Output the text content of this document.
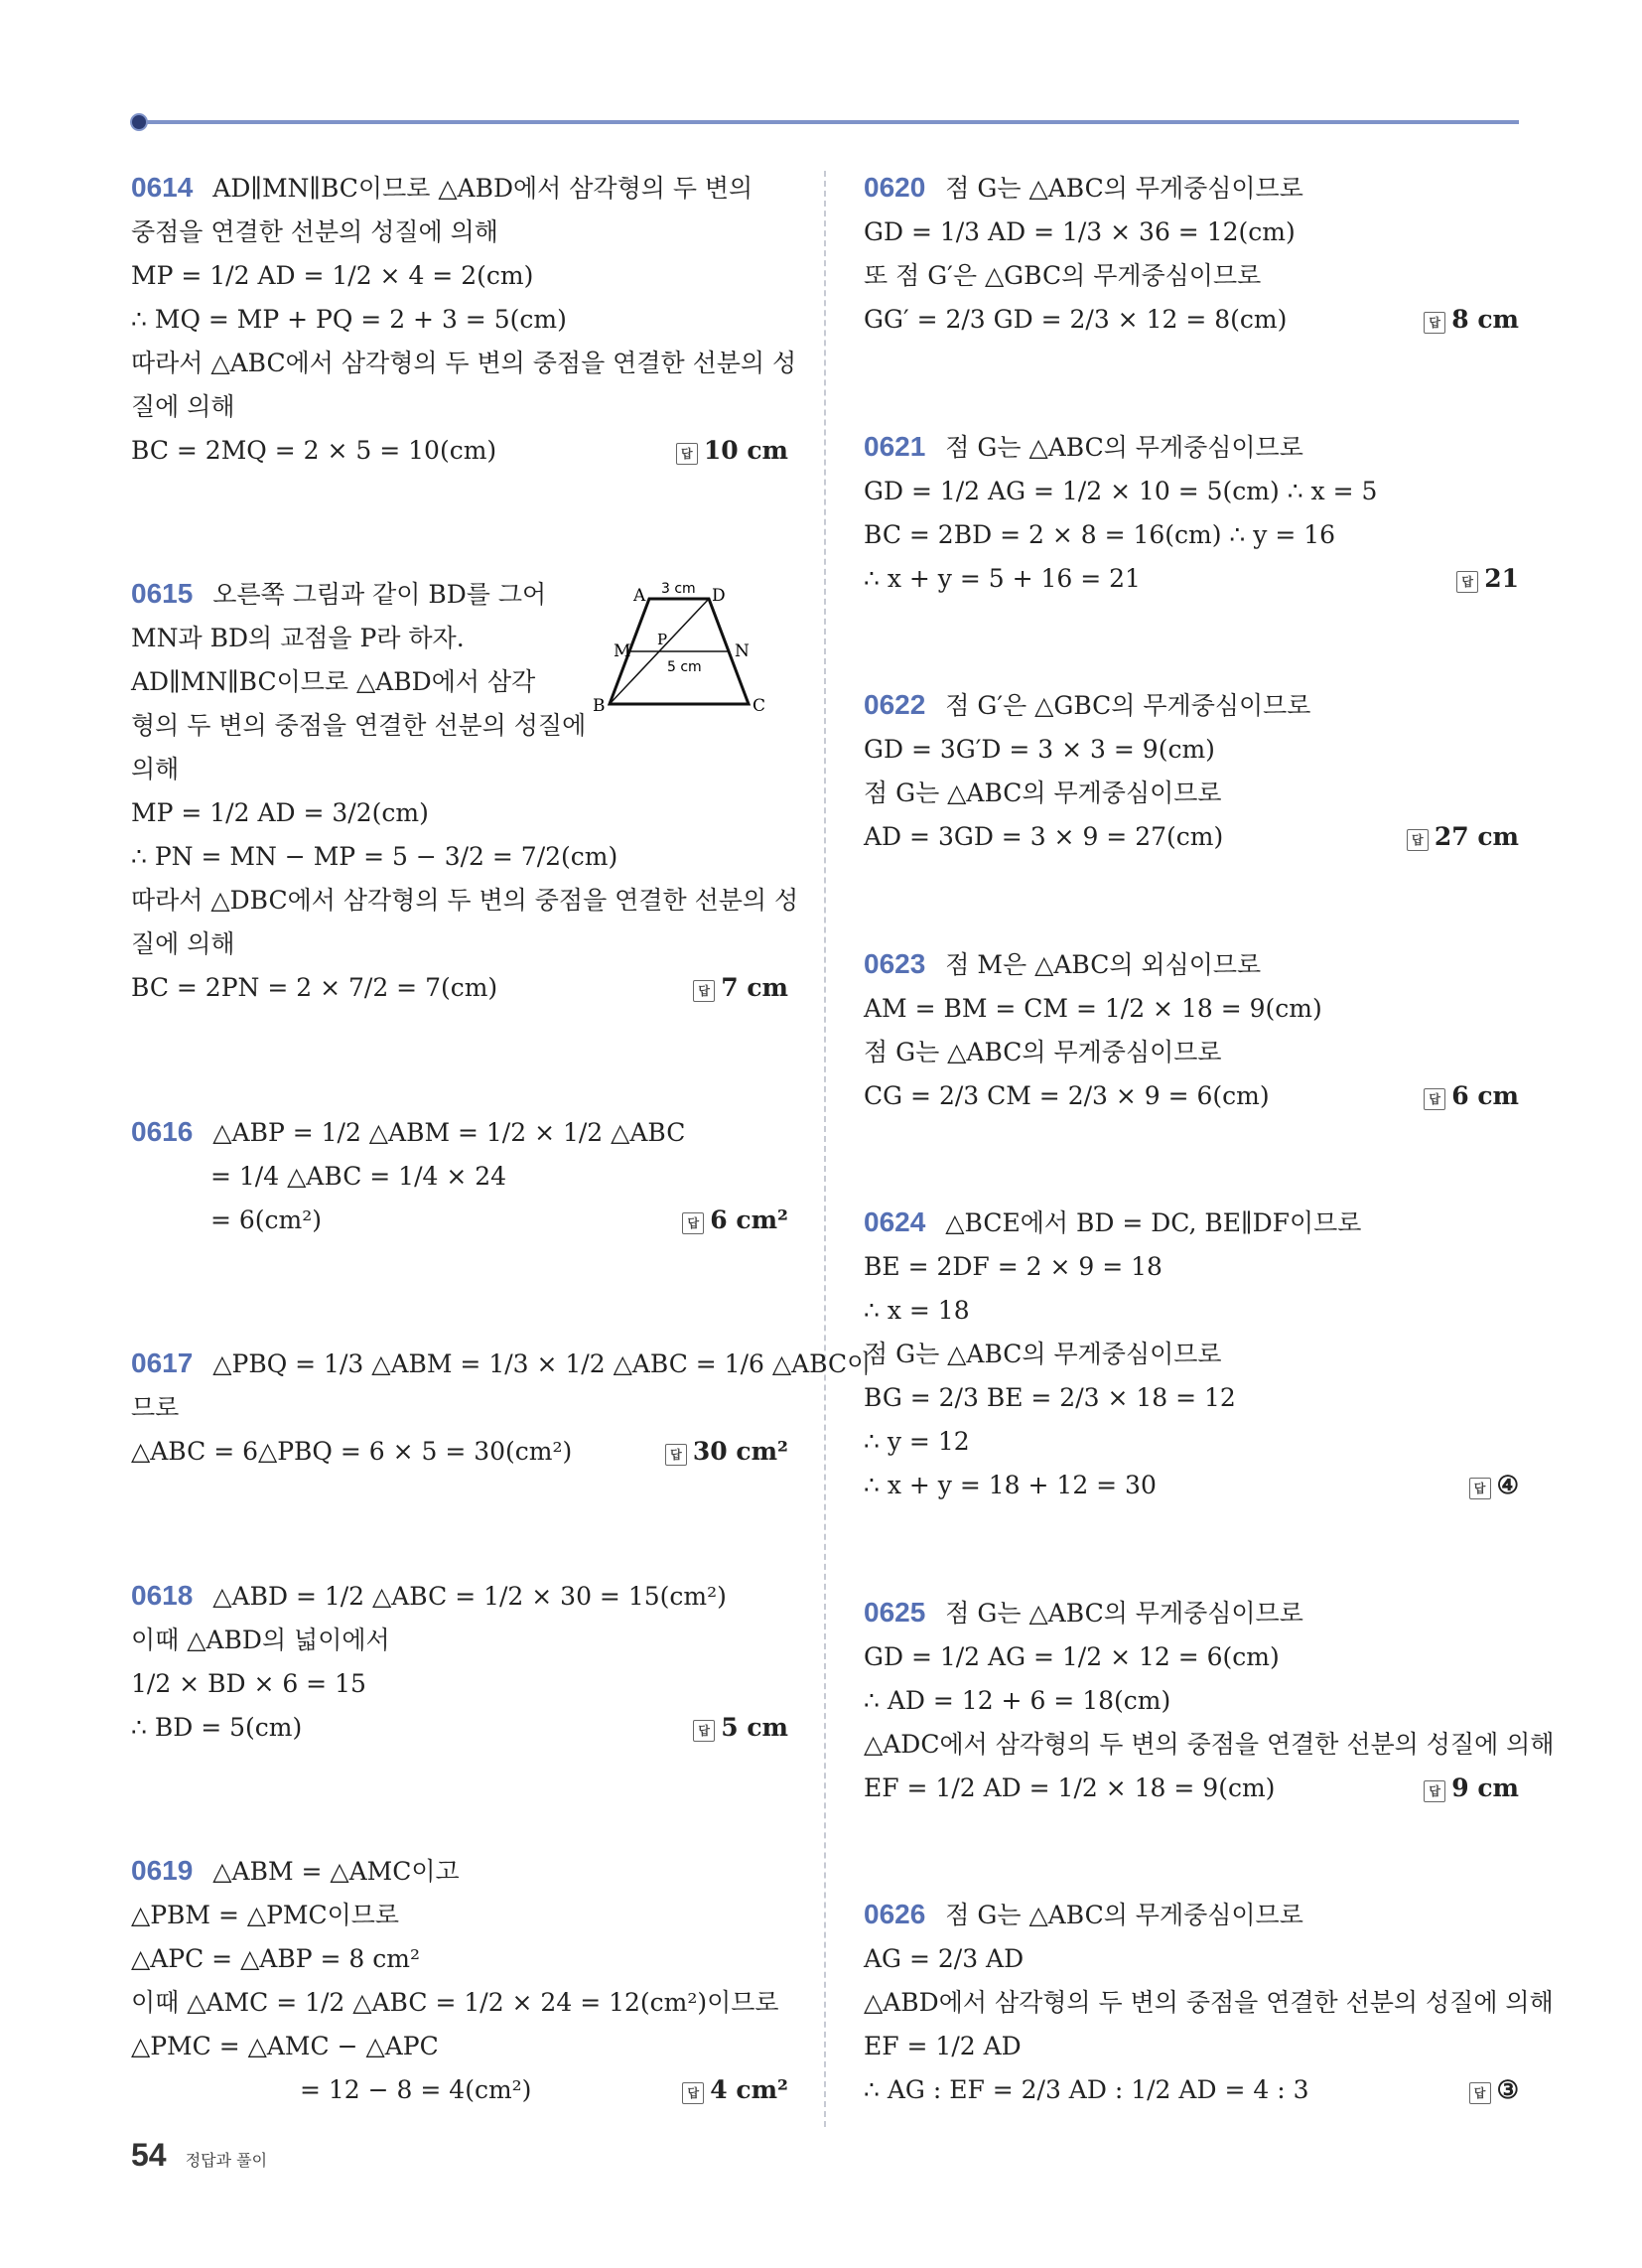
0614 AD∥MN∥BC이므로 △ABD에서 삼각형의 두 변의
중점을 연결한 선분의 성질에 의해
MP = 1/2 AD = 1/2 × 4 = 2(cm)
∴ MQ = MP + PQ = 2 + 3 = 5(cm)
따라서 △ABC에서 삼각형의 두 변의 중점을 연결한 선분의 성
질에 의해
BC = 2MQ = 2 × 5 = 10(cm)	답 10 cm
A	D
M	N
P
B	C
3 cm
5 cm
0615 오른쪽 그림과 같이 BD를 그어
MN과 BD의 교점을 P라 하자.
AD∥MN∥BC이므로 △ABD에서 삼각
형의 두 변의 중점을 연결한 선분의 성질에
의해
MP = 1/2 AD = 3/2(cm)
∴ PN = MN − MP = 5 − 3/2 = 7/2(cm)
따라서 △DBC에서 삼각형의 두 변의 중점을 연결한 선분의 성
질에 의해
BC = 2PN = 2 × 7/2 = 7(cm)	답 7 cm
0616 △ABP = 1/2 △ABM = 1/2 × 1/2 △ABC
= 1/4 △ABC = 1/4 × 24
= 6(cm²)	답 6 cm²
0617 △PBQ = 1/3 △ABM = 1/3 × 1/2 △ABC = 1/6 △ABC이
므로
△ABC = 6△PBQ = 6 × 5 = 30(cm²)	답 30 cm²
0618 △ABD = 1/2 △ABC = 1/2 × 30 = 15(cm²)
이때 △ABD의 넓이에서
1/2 × BD × 6 = 15
∴ BD = 5(cm)	답 5 cm
0619 △ABM = △AMC이고
△PBM = △PMC이므로
△APC = △ABP = 8 cm²
이때 △AMC = 1/2 △ABC = 1/2 × 24 = 12(cm²)이므로
△PMC = △AMC − △APC
= 12 − 8 = 4(cm²)	답 4 cm²
0620 점 G는 △ABC의 무게중심이므로
GD = 1/3 AD = 1/3 × 36 = 12(cm)
또 점 G′은 △GBC의 무게중심이므로
GG′ = 2/3 GD = 2/3 × 12 = 8(cm)	답 8 cm
0621 점 G는 △ABC의 무게중심이므로
GD = 1/2 AG = 1/2 × 10 = 5(cm) ∴ x = 5
BC = 2BD = 2 × 8 = 16(cm) ∴ y = 16
∴ x + y = 5 + 16 = 21	답 21
0622 점 G′은 △GBC의 무게중심이므로
GD = 3G′D = 3 × 3 = 9(cm)
점 G는 △ABC의 무게중심이므로
AD = 3GD = 3 × 9 = 27(cm)	답 27 cm
0623 점 M은 △ABC의 외심이므로
AM = BM = CM = 1/2 × 18 = 9(cm)
점 G는 △ABC의 무게중심이므로
CG = 2/3 CM = 2/3 × 9 = 6(cm)	답 6 cm
0624 △BCE에서 BD = DC, BE∥DF이므로
BE = 2DF = 2 × 9 = 18
∴ x = 18
점 G는 △ABC의 무게중심이므로
BG = 2/3 BE = 2/3 × 18 = 12
∴ y = 12
∴ x + y = 18 + 12 = 30	답 ④
0625 점 G는 △ABC의 무게중심이므로
GD = 1/2 AG = 1/2 × 12 = 6(cm)
∴ AD = 12 + 6 = 18(cm)
△ADC에서 삼각형의 두 변의 중점을 연결한 선분의 성질에 의해
EF = 1/2 AD = 1/2 × 18 = 9(cm)	답 9 cm
0626 점 G는 △ABC의 무게중심이므로
AG = 2/3 AD
△ABD에서 삼각형의 두 변의 중점을 연결한 선분의 성질에 의해
EF = 1/2 AD
∴ AG : EF = 2/3 AD : 1/2 AD = 4 : 3	답 ③
54 정답과 풀이
